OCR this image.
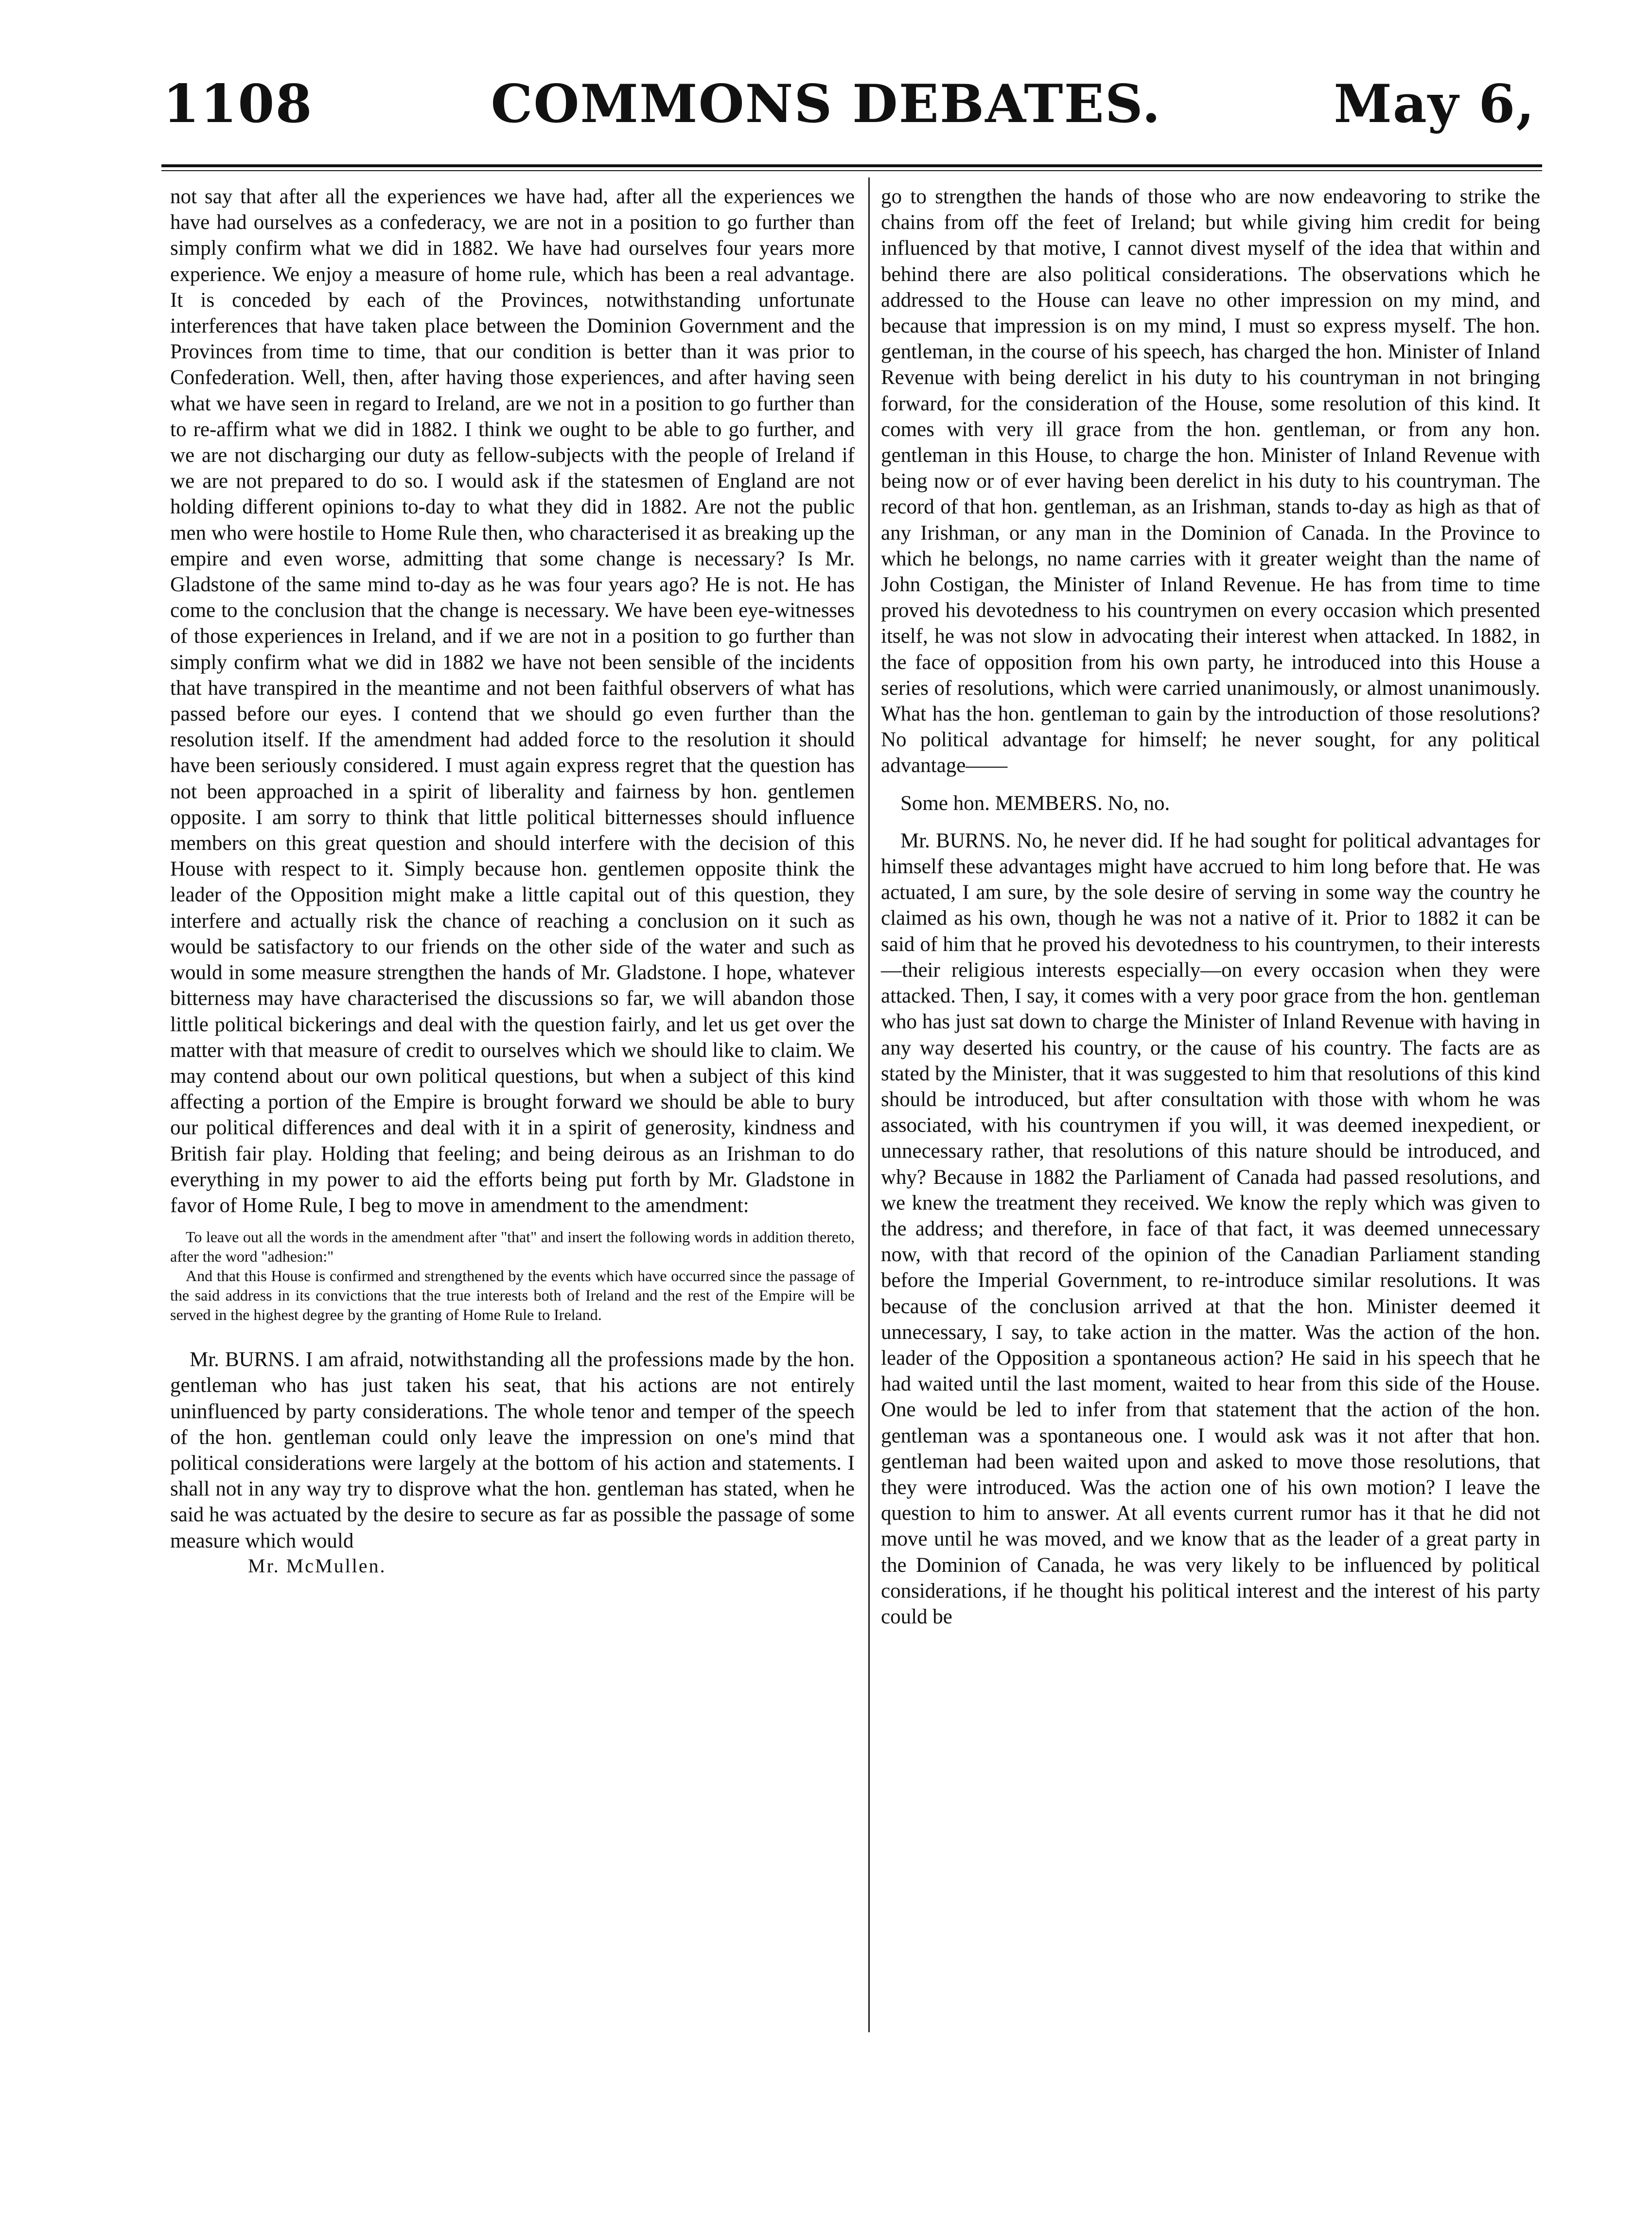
1108	COMMONS DEBATES.	May 6,

not say that after all the experiences we have had, after all the experiences we have had ourselves as a confederacy, we are not in a position to go further than simply confirm what we did in 1882. We have had ourselves four years more experience. We enjoy a measure of home rule, which has been a real advantage. It is conceded by each of the Provinces, notwithstanding unfortunate interferences that have taken place between the Dominion Government and the Provinces from time to time, that our condition is better than it was prior to Confederation. Well, then, after having those experiences, and after having seen what we have seen in regard to Ireland, are we not in a position to go further than to re-affirm what we did in 1882. I think we ought to be able to go further, and we are not discharging our duty as fellow-subjects with the people of Ireland if we are not prepared to do so. I would ask if the statesmen of England are not holding different opinions to-day to what they did in 1882. Are not the public men who were hostile to Home Rule then, who characterised it as breaking up the empire and even worse, admitting that some change is necessary? Is Mr. Gladstone of the same mind to-day as he was four years ago? He is not. He has come to the conclusion that the change is necessary. We have been eye-witnesses of those experiences in Ireland, and if we are not in a position to go further than simply confirm what we did in 1882 we have not been sensible of the incidents that have transpired in the meantime and not been faithful observers of what has passed before our eyes. I contend that we should go even further than the resolution itself. If the amendment had added force to the resolution it should have been seriously considered. I must again express regret that the question has not been approached in a spirit of liberality and fairness by hon. gentlemen opposite. I am sorry to think that little political bitternesses should influence members on this great question and should interfere with the decision of this House with respect to it. Simply because hon. gentlemen opposite think the leader of the Opposition might make a little capital out of this question, they interfere and actually risk the chance of reaching a conclusion on it such as would be satisfactory to our friends on the other side of the water and such as would in some measure strengthen the hands of Mr. Gladstone. I hope, whatever bitterness may have characterised the discussions so far, we will abandon those little political bickerings and deal with the question fairly, and let us get over the matter with that measure of credit to ourselves which we should like to claim. We may contend about our own political questions, but when a subject of this kind affecting a portion of the Empire is brought forward we should be able to bury our political differences and deal with it in a spirit of generosity, kindness and British fair play. Holding that feeling; and being deirous as an Irishman to do everything in my power to aid the efforts being put forth by Mr. Gladstone in favor of Home Rule, I beg to move in amendment to the amendment:

To leave out all the words in the amendment after "that" and insert the following words in addition thereto, after the word "adhesion:"

And that this House is confirmed and strengthened by the events which have occurred since the passage of the said address in its convictions that the true interests both of Ireland and the rest of the Empire will be served in the highest degree by the granting of Home Rule to Ireland.

Mr. BURNS. I am afraid, notwithstanding all the professions made by the hon. gentleman who has just taken his seat, that his actions are not entirely uninfluenced by party considerations. The whole tenor and temper of the speech of the hon. gentleman could only leave the impression on one's mind that political considerations were largely at the bottom of his action and statements. I shall not in any way try to disprove what the hon. gentleman has stated, when he said he was actuated by the desire to secure as far as possible the passage of some measure which would

Mr. McMullen.

go to strengthen the hands of those who are now endeavoring to strike the chains from off the feet of Ireland; but while giving him credit for being influenced by that motive, I cannot divest myself of the idea that within and behind there are also political considerations. The observations which he addressed to the House can leave no other impression on my mind, and because that impression is on my mind, I must so express myself. The hon. gentleman, in the course of his speech, has charged the hon. Minister of Inland Revenue with being derelict in his duty to his countryman in not bringing forward, for the consideration of the House, some resolution of this kind. It comes with very ill grace from the hon. gentleman, or from any hon. gentleman in this House, to charge the hon. Minister of Inland Revenue with being now or of ever having been derelict in his duty to his countryman. The record of that hon. gentleman, as an Irishman, stands to-day as high as that of any Irishman, or any man in the Dominion of Canada. In the Province to which he belongs, no name carries with it greater weight than the name of John Costigan, the Minister of Inland Revenue. He has from time to time proved his devotedness to his countrymen on every occasion which presented itself, he was not slow in advocating their interest when attacked. In 1882, in the face of opposition from his own party, he introduced into this House a series of resolutions, which were carried unanimously, or almost unanimously. What has the hon. gentleman to gain by the introduction of those resolutions? No political advantage for himself; he never sought, for any political advantage——

Some hon. MEMBERS. No, no.

Mr. BURNS. No, he never did. If he had sought for political advantages for himself these advantages might have accrued to him long before that. He was actuated, I am sure, by the sole desire of serving in some way the country he claimed as his own, though he was not a native of it. Prior to 1882 it can be said of him that he proved his devotedness to his countrymen, to their interests—their religious interests especially—on every occasion when they were attacked. Then, I say, it comes with a very poor grace from the hon. gentleman who has just sat down to charge the Minister of Inland Revenue with having in any way deserted his country, or the cause of his country. The facts are as stated by the Minister, that it was suggested to him that resolutions of this kind should be introduced, but after consultation with those with whom he was associated, with his countrymen if you will, it was deemed inexpedient, or unnecessary rather, that resolutions of this nature should be introduced, and why? Because in 1882 the Parliament of Canada had passed resolutions, and we knew the treatment they received. We know the reply which was given to the address; and therefore, in face of that fact, it was deemed unnecessary now, with that record of the opinion of the Canadian Parliament standing before the Imperial Government, to re-introduce similar resolutions. It was because of the conclusion arrived at that the hon. Minister deemed it unnecessary, I say, to take action in the matter. Was the action of the hon. leader of the Opposition a spontaneous action? He said in his speech that he had waited until the last moment, waited to hear from this side of the House. One would be led to infer from that statement that the action of the hon. gentleman was a spontaneous one. I would ask was it not after that hon. gentleman had been waited upon and asked to move those resolutions, that they were introduced. Was the action one of his own motion? I leave the question to him to answer. At all events current rumor has it that he did not move until he was moved, and we know that as the leader of a great party in the Dominion of Canada, he was very likely to be influenced by political considerations, if he thought his political interest and the interest of his party could be
